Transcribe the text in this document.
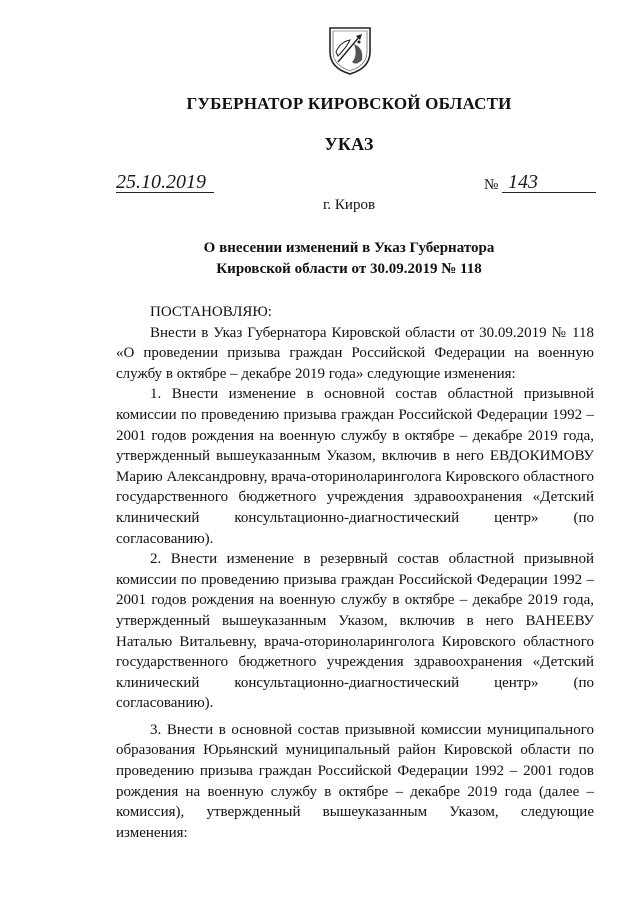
ГУБЕРНАТОР КИРОВСКОЙ ОБЛАСТИ
УКАЗ
25.10.2019	№ 143
г. Киров
О внесении изменений в Указ Губернатора
Кировской области от 30.09.2019 № 118

ПОСТАНОВЛЯЮ:

Внести в Указ Губернатора Кировской области от 30.09.2019 № 118 «О проведении призыва граждан Российской Федерации на военную службу в октябре – декабре 2019 года» следующие изменения:

1. Внести изменение в основной состав областной призывной комиссии по проведению призыва граждан Российской Федерации 1992 – 2001 годов рождения на военную службу в октябре – декабре 2019 года, утвержденный вышеуказанным Указом, включив в него ЕВДОКИМОВУ Марию Александровну, врача-оториноларинголога Кировского областного государственного бюджетного учреждения здравоохранения «Детский клинический консультационно-диагностический центр» (по согласованию).

2. Внести изменение в резервный состав областной призывной комиссии по проведению призыва граждан Российской Федерации 1992 – 2001 годов рождения на военную службу в октябре – декабре 2019 года, утвержденный вышеуказанным Указом, включив в него ВАНЕЕВУ Наталью Витальевну, врача-оториноларинголога Кировского областного государственного бюджетного учреждения здравоохранения «Детский клинический консультационно-диагностический центр» (по согласованию).

3. Внести в основной состав призывной комиссии муниципального образования Юрьянский муниципальный район Кировской области по проведению призыва граждан Российской Федерации 1992 – 2001 годов рождения на военную службу в октябре – декабре 2019 года (далее – комиссия), утвержденный вышеуказанным Указом, следующие изменения:
